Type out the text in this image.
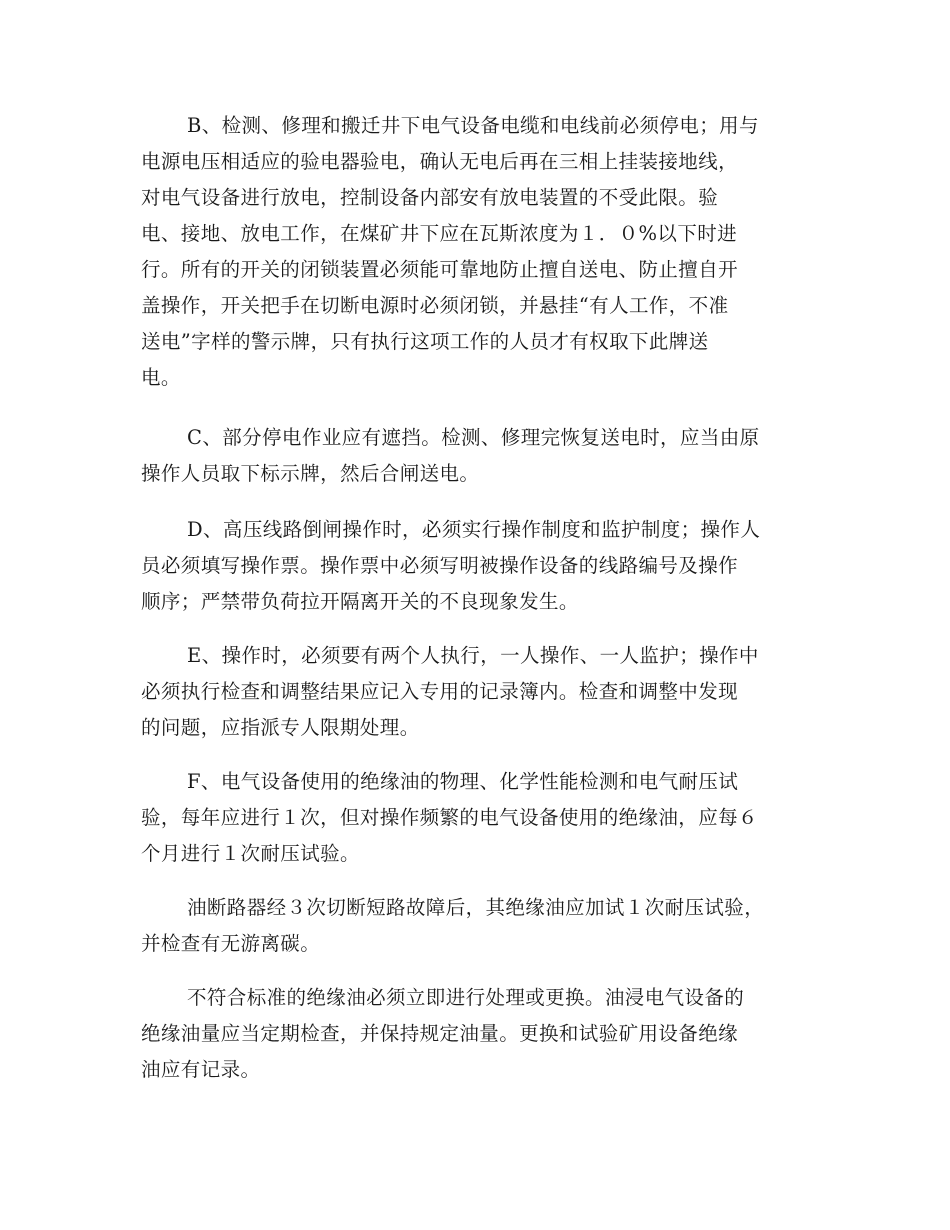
B、检测、修理和搬迁井下电气设备电缆和电线前必须停电；用与
电源电压相适应的验电器验电，确认无电后再在三相上挂装接地线，
对电气设备进行放电，控制设备内部安有放电装置的不受此限。验
电、接地、放电工作，在煤矿井下应在瓦斯浓度为１．０%以下时进
行。所有的开关的闭锁装置必须能可靠地防止擅自送电、防止擅自开
盖操作，开关把手在切断电源时必须闭锁，并悬挂“有人工作，不准
送电”字样的警示牌，只有执行这项工作的人员才有权取下此牌送
电。
C、部分停电作业应有遮挡。检测、修理完恢复送电时，应当由原
操作人员取下标示牌，然后合闸送电。
D、高压线路倒闸操作时，必须实行操作制度和监护制度；操作人
员必须填写操作票。操作票中必须写明被操作设备的线路编号及操作
顺序；严禁带负荷拉开隔离开关的不良现象发生。
E、操作时，必须要有两个人执行，一人操作、一人监护；操作中
必须执行检查和调整结果应记入专用的记录簿内。检查和调整中发现
的问题，应指派专人限期处理。
F、电气设备使用的绝缘油的物理、化学性能检测和电气耐压试
验，每年应进行１次，但对操作频繁的电气设备使用的绝缘油，应每６
个月进行１次耐压试验。
油断路器经３次切断短路故障后，其绝缘油应加试１次耐压试验，
并检查有无游离碳。
不符合标准的绝缘油必须立即进行处理或更换。油浸电气设备的
绝缘油量应当定期检查，并保持规定油量。更换和试验矿用设备绝缘
油应有记录。
